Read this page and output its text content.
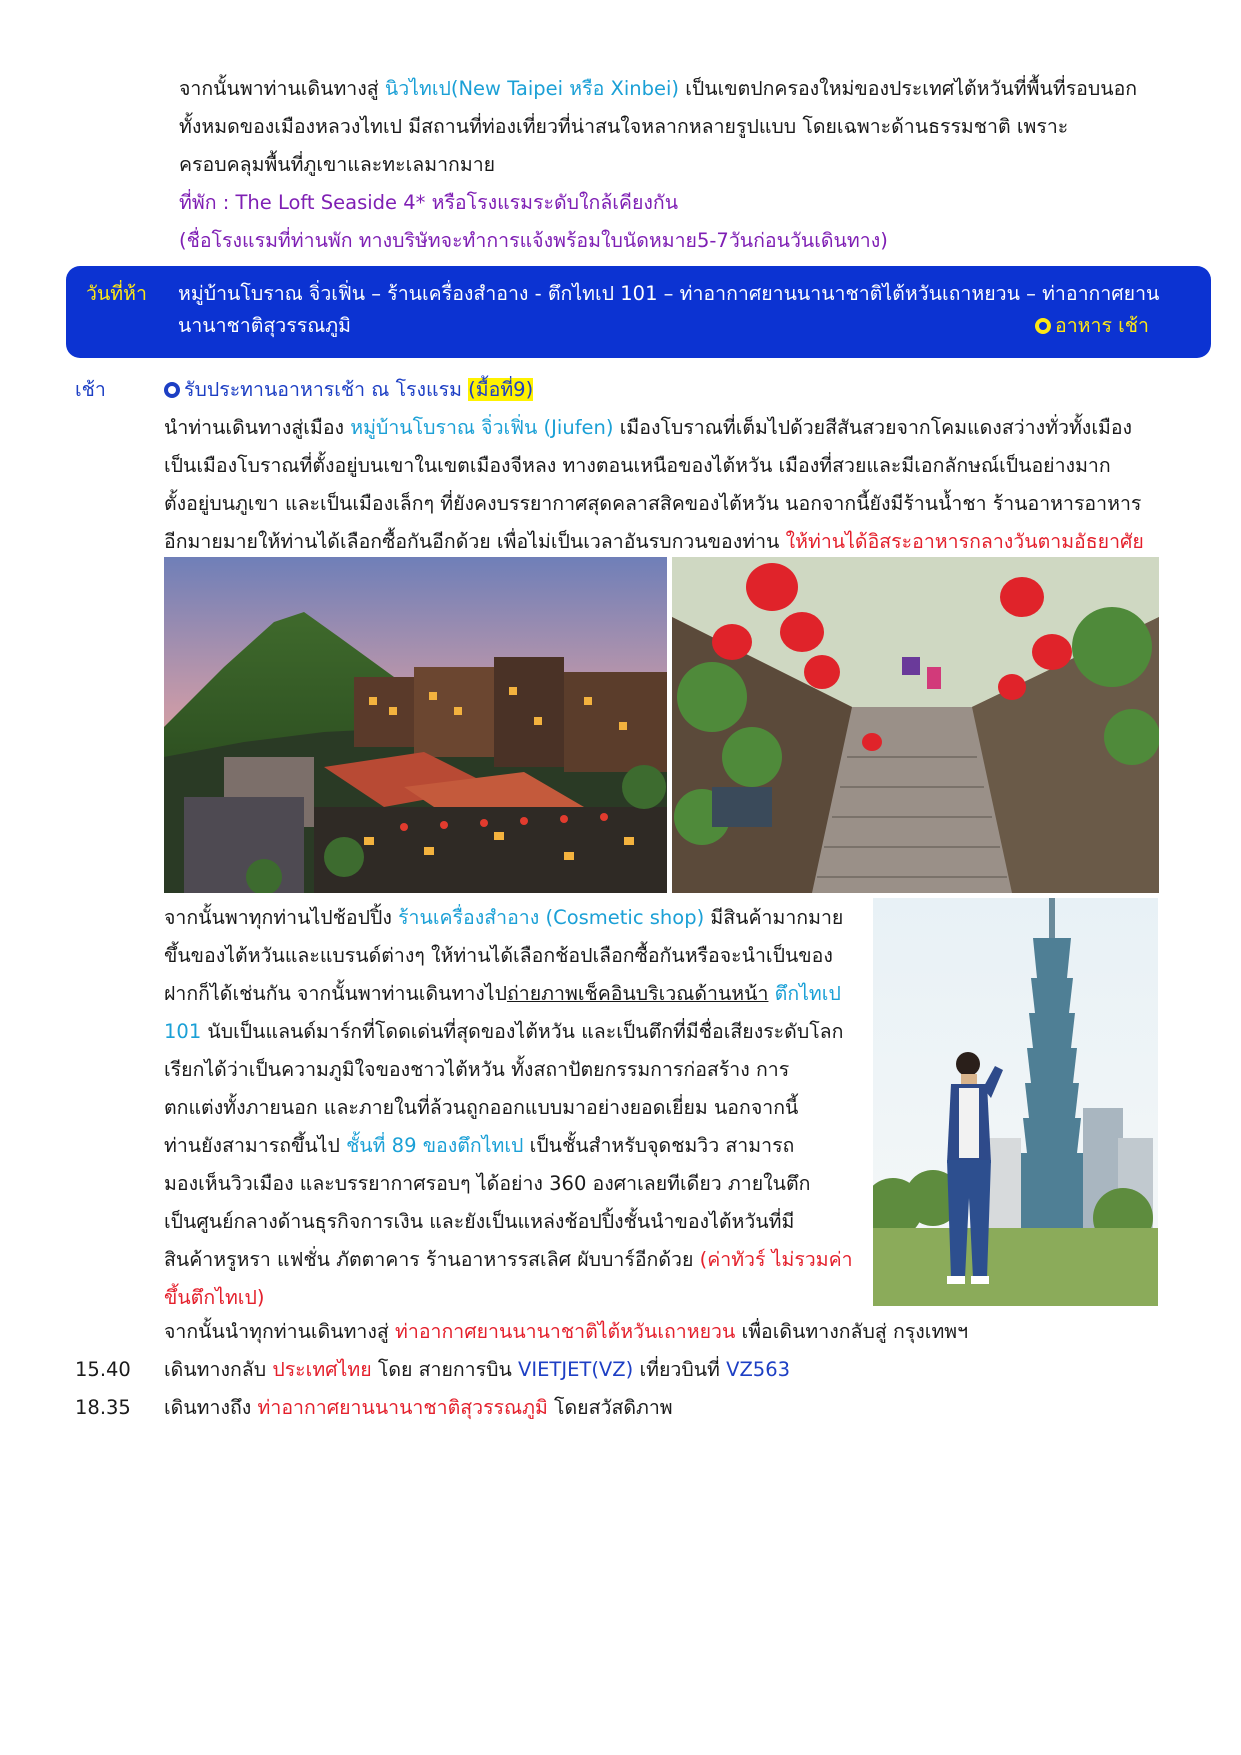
จากนั้นพาท่านเดินทางสู่ นิวไทเป(New Taipei หรือ Xinbei) เป็นเขตปกครองใหม่ของประเทศไต้หวันที่พื้นที่รอบนอก
ทั้งหมดของเมืองหลวงไทเป มีสถานที่ท่องเที่ยวที่น่าสนใจหลากหลายรูปแบบ โดยเฉพาะด้านธรรมชาติ เพราะ
ครอบคลุมพื้นที่ภูเขาและทะเลมากมาย
ที่พัก : The Loft Seaside 4* หรือโรงแรมระดับใกล้เคียงกัน
(ชื่อโรงแรมที่ท่านพัก ทางบริษัทจะทำการแจ้งพร้อมใบนัดหมาย5-7วันก่อนวันเดินทาง)
วันที่ห้า หมู่บ้านโบราณ จิ่วเฟิ่น – ร้านเครื่องสำอาง - ตึกไทเป 101 – ท่าอากาศยานนานาชาติไต้หวันเถาหยวน – ท่าอากาศยาน
นานาชาติสุวรรณภูมิ	อาหาร เช้า
เช้า	รับประทานอาหารเช้า ณ โรงแรม (มื้อที่9)
นำท่านเดินทางสู่เมือง หมู่บ้านโบราณ จิ่วเฟิ่น (Jiufen) เมืองโบราณที่เต็มไปด้วยสีสันสวยจากโคมแดงสว่างทั่วทั้งเมือง
เป็นเมืองโบราณที่ตั้งอยู่บนเขาในเขตเมืองจีหลง ทางตอนเหนือของไต้หวัน เมืองที่สวยและมีเอกลักษณ์เป็นอย่างมาก
ตั้งอยู่บนภูเขา และเป็นเมืองเล็กๆ ที่ยังคงบรรยากาศสุดคลาสสิคของไต้หวัน นอกจากนี้ยังมีร้านน้ำชา ร้านอาหารอาหาร
อีกมายมายให้ท่านได้เลือกซื้อกันอีกด้วย เพื่อไม่เป็นเวลาอันรบกวนของท่าน ให้ท่านได้อิสระอาหารกลางวันตามอัธยาศัย
จากนั้นพาทุกท่านไปช้อปปิ้ง ร้านเครื่องสำอาง (Cosmetic shop) มีสินค้ามากมาย
ขึ้นของไต้หวันและแบรนด์ต่างๆ ให้ท่านได้เลือกช้อปเลือกซื้อกันหรือจะนำเป็นของ
ฝากก็ได้เช่นกัน จากนั้นพาท่านเดินทางไปถ่ายภาพเช็คอินบริเวณด้านหน้า ตึกไทเป
101 นับเป็นแลนด์มาร์กที่โดดเด่นที่สุดของไต้หวัน และเป็นตึกที่มีชื่อเสียงระดับโลก
เรียกได้ว่าเป็นความภูมิใจของชาวไต้หวัน ทั้งสถาปัตยกรรมการก่อสร้าง การ
ตกแต่งทั้งภายนอก และภายในที่ล้วนถูกออกแบบมาอย่างยอดเยี่ยม นอกจากนี้
ท่านยังสามารถขึ้นไป ชั้นที่ 89 ของตึกไทเป เป็นชั้นสำหรับจุดชมวิว สามารถ
มองเห็นวิวเมือง และบรรยากาศรอบๆ ได้อย่าง 360 องศาเลยทีเดียว ภายในตึก
เป็นศูนย์กลางด้านธุรกิจการเงิน และยังเป็นแหล่งช้อปปิ้งชั้นนำของไต้หวันที่มี
สินค้าหรูหรา แฟชั่น ภัตตาคาร ร้านอาหารรสเลิศ ผับบาร์อีกด้วย (ค่าทัวร์ ไม่รวมค่า
ขึ้นตึกไทเป)
จากนั้นนำทุกท่านเดินทางสู่ ท่าอากาศยานนานาชาติไต้หวันเถาหยวน เพื่อเดินทางกลับสู่ กรุงเทพฯ
15.40 เดินทางกลับ ประเทศไทย โดย สายการบิน VIETJET(VZ) เที่ยวบินที่ VZ563
18.35 เดินทางถึง ท่าอากาศยานนานาชาติสุวรรณภูมิ โดยสวัสดิภาพ
